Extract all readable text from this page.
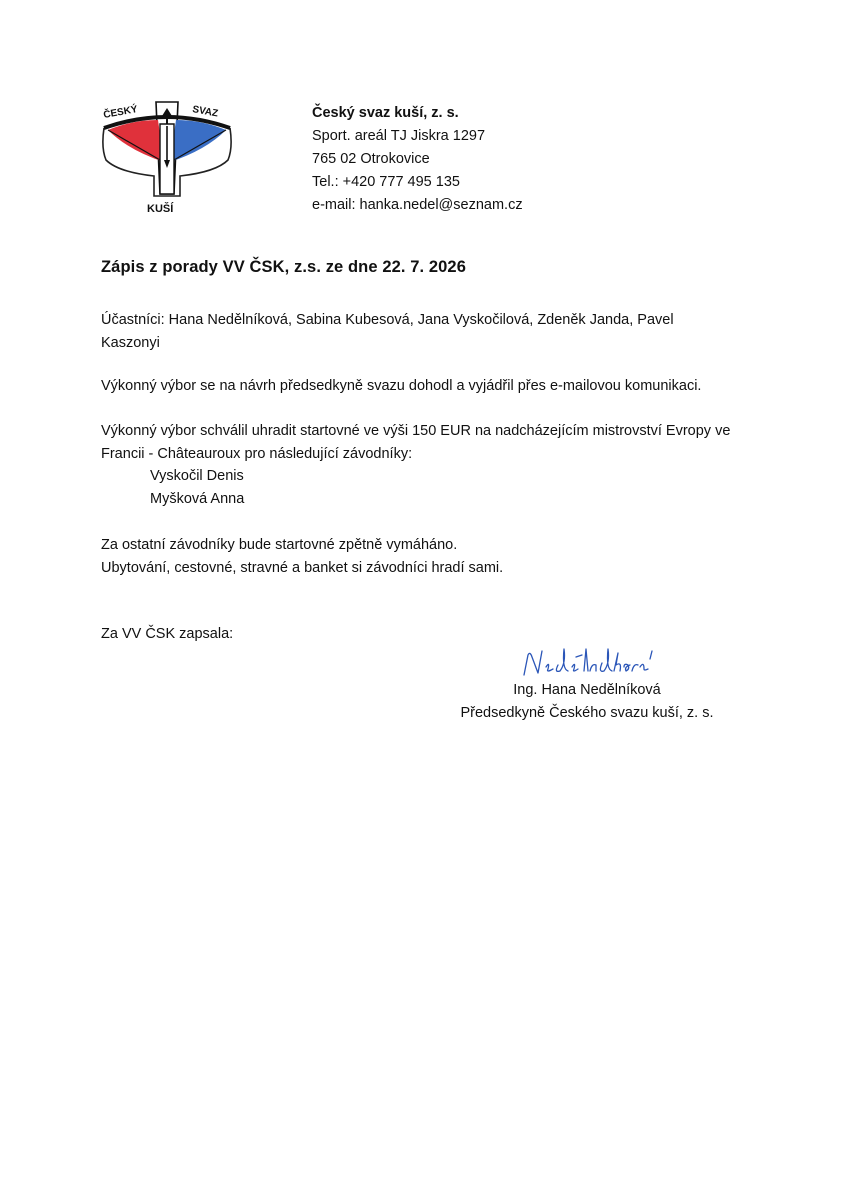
ČESKÝ	SVAZ
KUŠÍ
Český svaz kuší, z. s.
Sport. areál TJ Jiskra 1297
765 02 Otrokovice
Tel.: +420 777 495 135
e-mail: hanka.nedel@seznam.cz
Zápis z porady VV ČSK, z.s. ze dne 22. 7. 2026
Účastníci: Hana Nedělníková, Sabina Kubesová, Jana Vyskočilová, Zdeněk Janda, Pavel Kaszonyi
Výkonný výbor se na návrh předsedkyně svazu dohodl a vyjádřil přes e-mailovou komunikaci.
Výkonný výbor schválil uhradit startovné ve výši 150 EUR na nadcházejícím mistrovství Evropy ve Francii - Châteauroux pro následující závodníky:
Vyskočil Denis
Myšková Anna
Za ostatní závodníky bude startovné zpětně vymáháno.
Ubytování, cestovné, stravné a banket si závodníci hradí sami.
Za VV ČSK zapsala:
Ing. Hana Nedělníková
Předsedkyně Českého svazu kuší, z. s.
